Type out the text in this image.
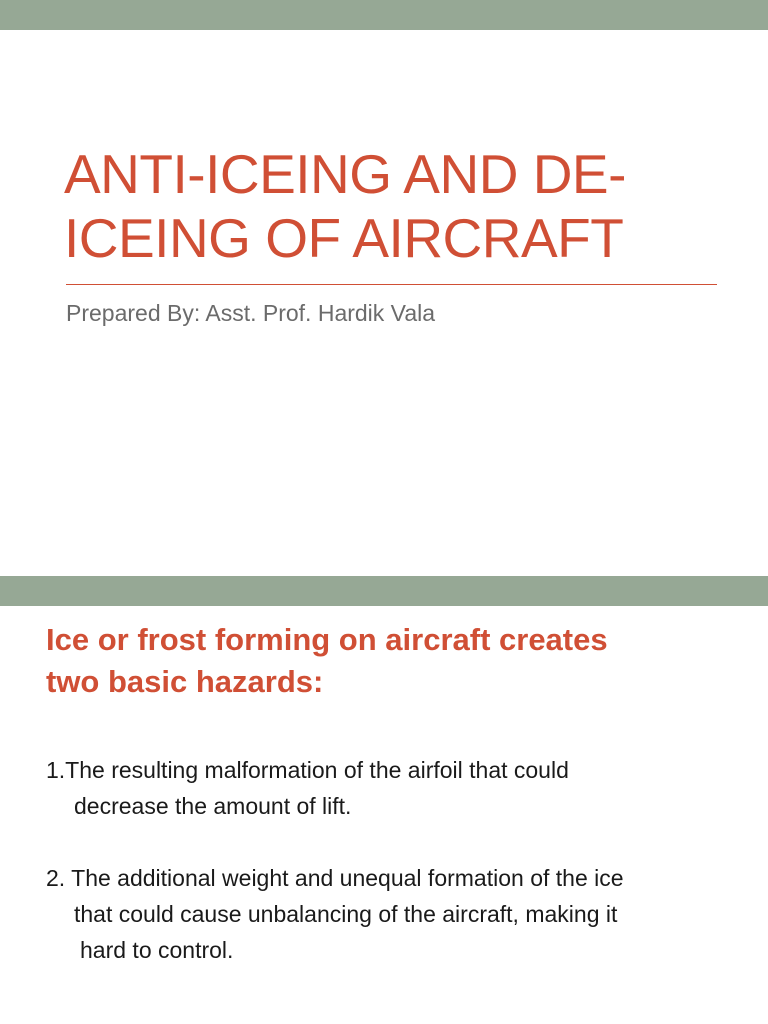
ANTI-ICEING AND DE-
ICEING OF AIRCRAFT

Prepared By: Asst. Prof. Hardik Vala

Ice or frost forming on aircraft creates
two basic hazards:
1.The resulting malformation of the airfoil that could
decrease the amount of lift.
2. The additional weight and unequal formation of the ice
that could cause unbalancing of the aircraft, making it
hard to control.
